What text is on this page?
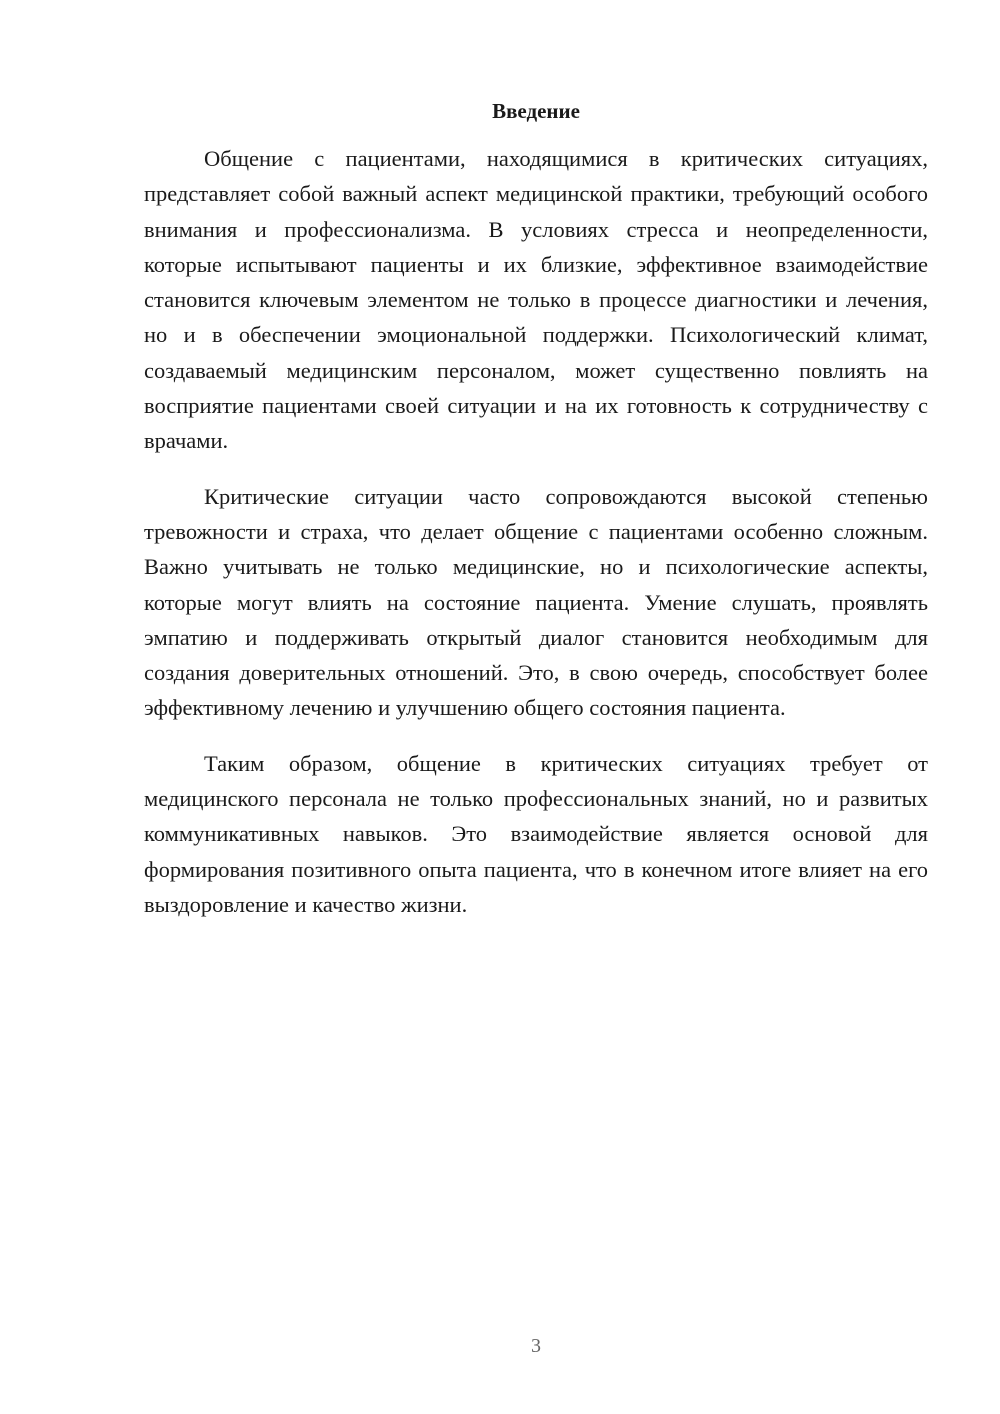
Введение

Общение с пациентами, находящимися в критических ситуациях, представляет собой важный аспект медицинской практики, требующий особого внимания и профессионализма. В условиях стресса и неопределенности, которые испытывают пациенты и их близкие, эффективное взаимодействие становится ключевым элементом не только в процессе диагностики и лечения, но и в обеспечении эмоциональной поддержки. Психологический климат, создаваемый медицинским персоналом, может существенно повлиять на восприятие пациентами своей ситуации и на их готовность к сотрудничеству с врачами.

Критические ситуации часто сопровождаются высокой степенью тревожности и страха, что делает общение с пациентами особенно сложным. Важно учитывать не только медицинские, но и психологические аспекты, которые могут влиять на состояние пациента. Умение слушать, проявлять эмпатию и поддерживать открытый диалог становится необходимым для создания доверительных отношений. Это, в свою очередь, способствует более эффективному лечению и улучшению общего состояния пациента.

Таким образом, общение в критических ситуациях требует от медицинского персонала не только профессиональных знаний, но и развитых коммуникативных навыков. Это взаимодействие является основой для формирования позитивного опыта пациента, что в конечном итоге влияет на его выздоровление и качество жизни.

3
